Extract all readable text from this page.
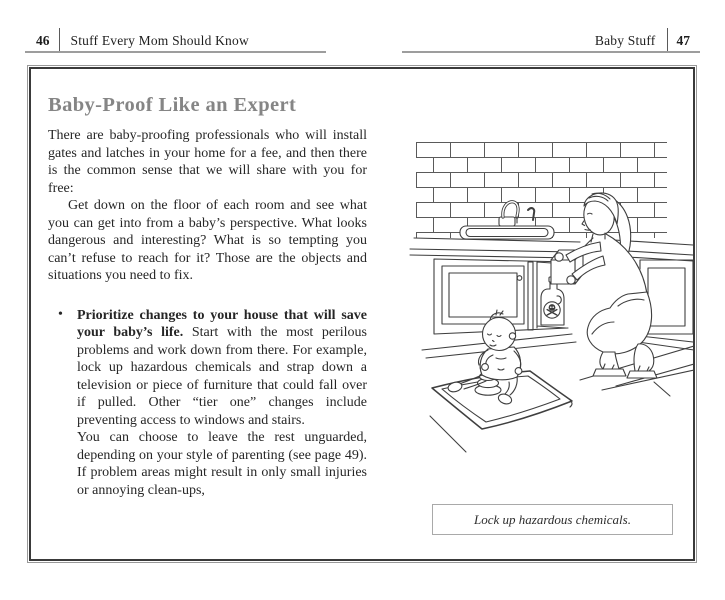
46	Stuff Every Mom Should Know	Baby Stuff	47
Baby-Proof Like an Expert

There are baby-proofing professionals who will install gates and latches in your home for a fee, and then there is the common sense that we will share with you for free:

Get down on the floor of each room and see what you can get into from a baby’s perspective. What looks dangerous and interesting? What is so tempting you can’t refuse to reach for it? Those are the objects and situations you need to fix.

• Prioritize changes to your house that will save your baby’s life. Start with the most perilous problems and work down from there. For example, lock up hazardous chemicals and strap down a television or piece of furniture that could fall over if pulled. Other “tier one” changes include preventing access to windows and stairs.

You can choose to leave the rest unguarded, depending on your style of parenting (see page 49). If problem areas might result in only small injuries or annoying clean-ups,

Lock up hazardous chemicals.
